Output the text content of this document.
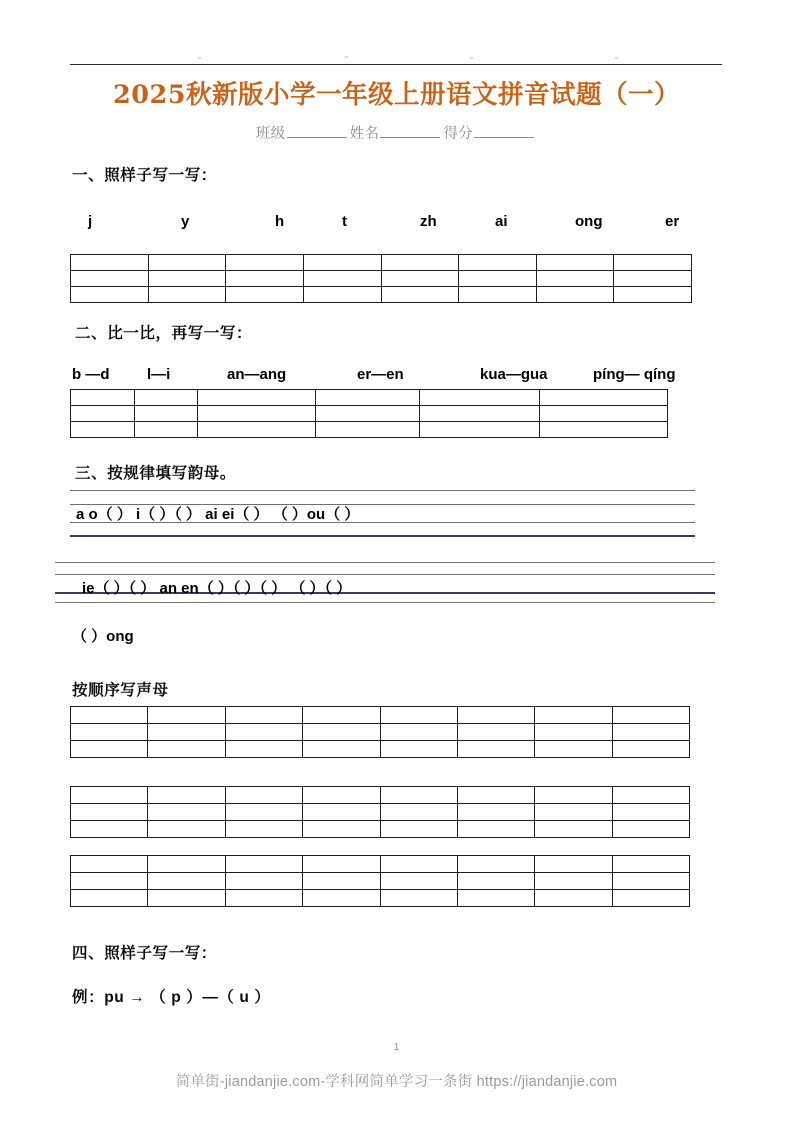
2025秋新版小学一年级上册语文拼音试题（一）
班级	姓名	得分
一、照样子写一写：
j	y	h	t	zh	ai	ong	er

二、比一比，再写一写：
b —d	l—i	an—ang	er—en	kua—gua	píng— qíng

三、按规律填写韵母。
a o（ ） i（ ）（ ） ai ei（ ） （ ）ou（ ）
ie（ ）（ ） an en（ ）（ ）（ ） （ ）（ ）
（ ）ong
按顺序写声母

四、照样子写一写：
例：pu → （ p ）—（ u ）
1
简单街-jiandanjie.com-学科网简单学习一条街 https://jiandanjie.com
